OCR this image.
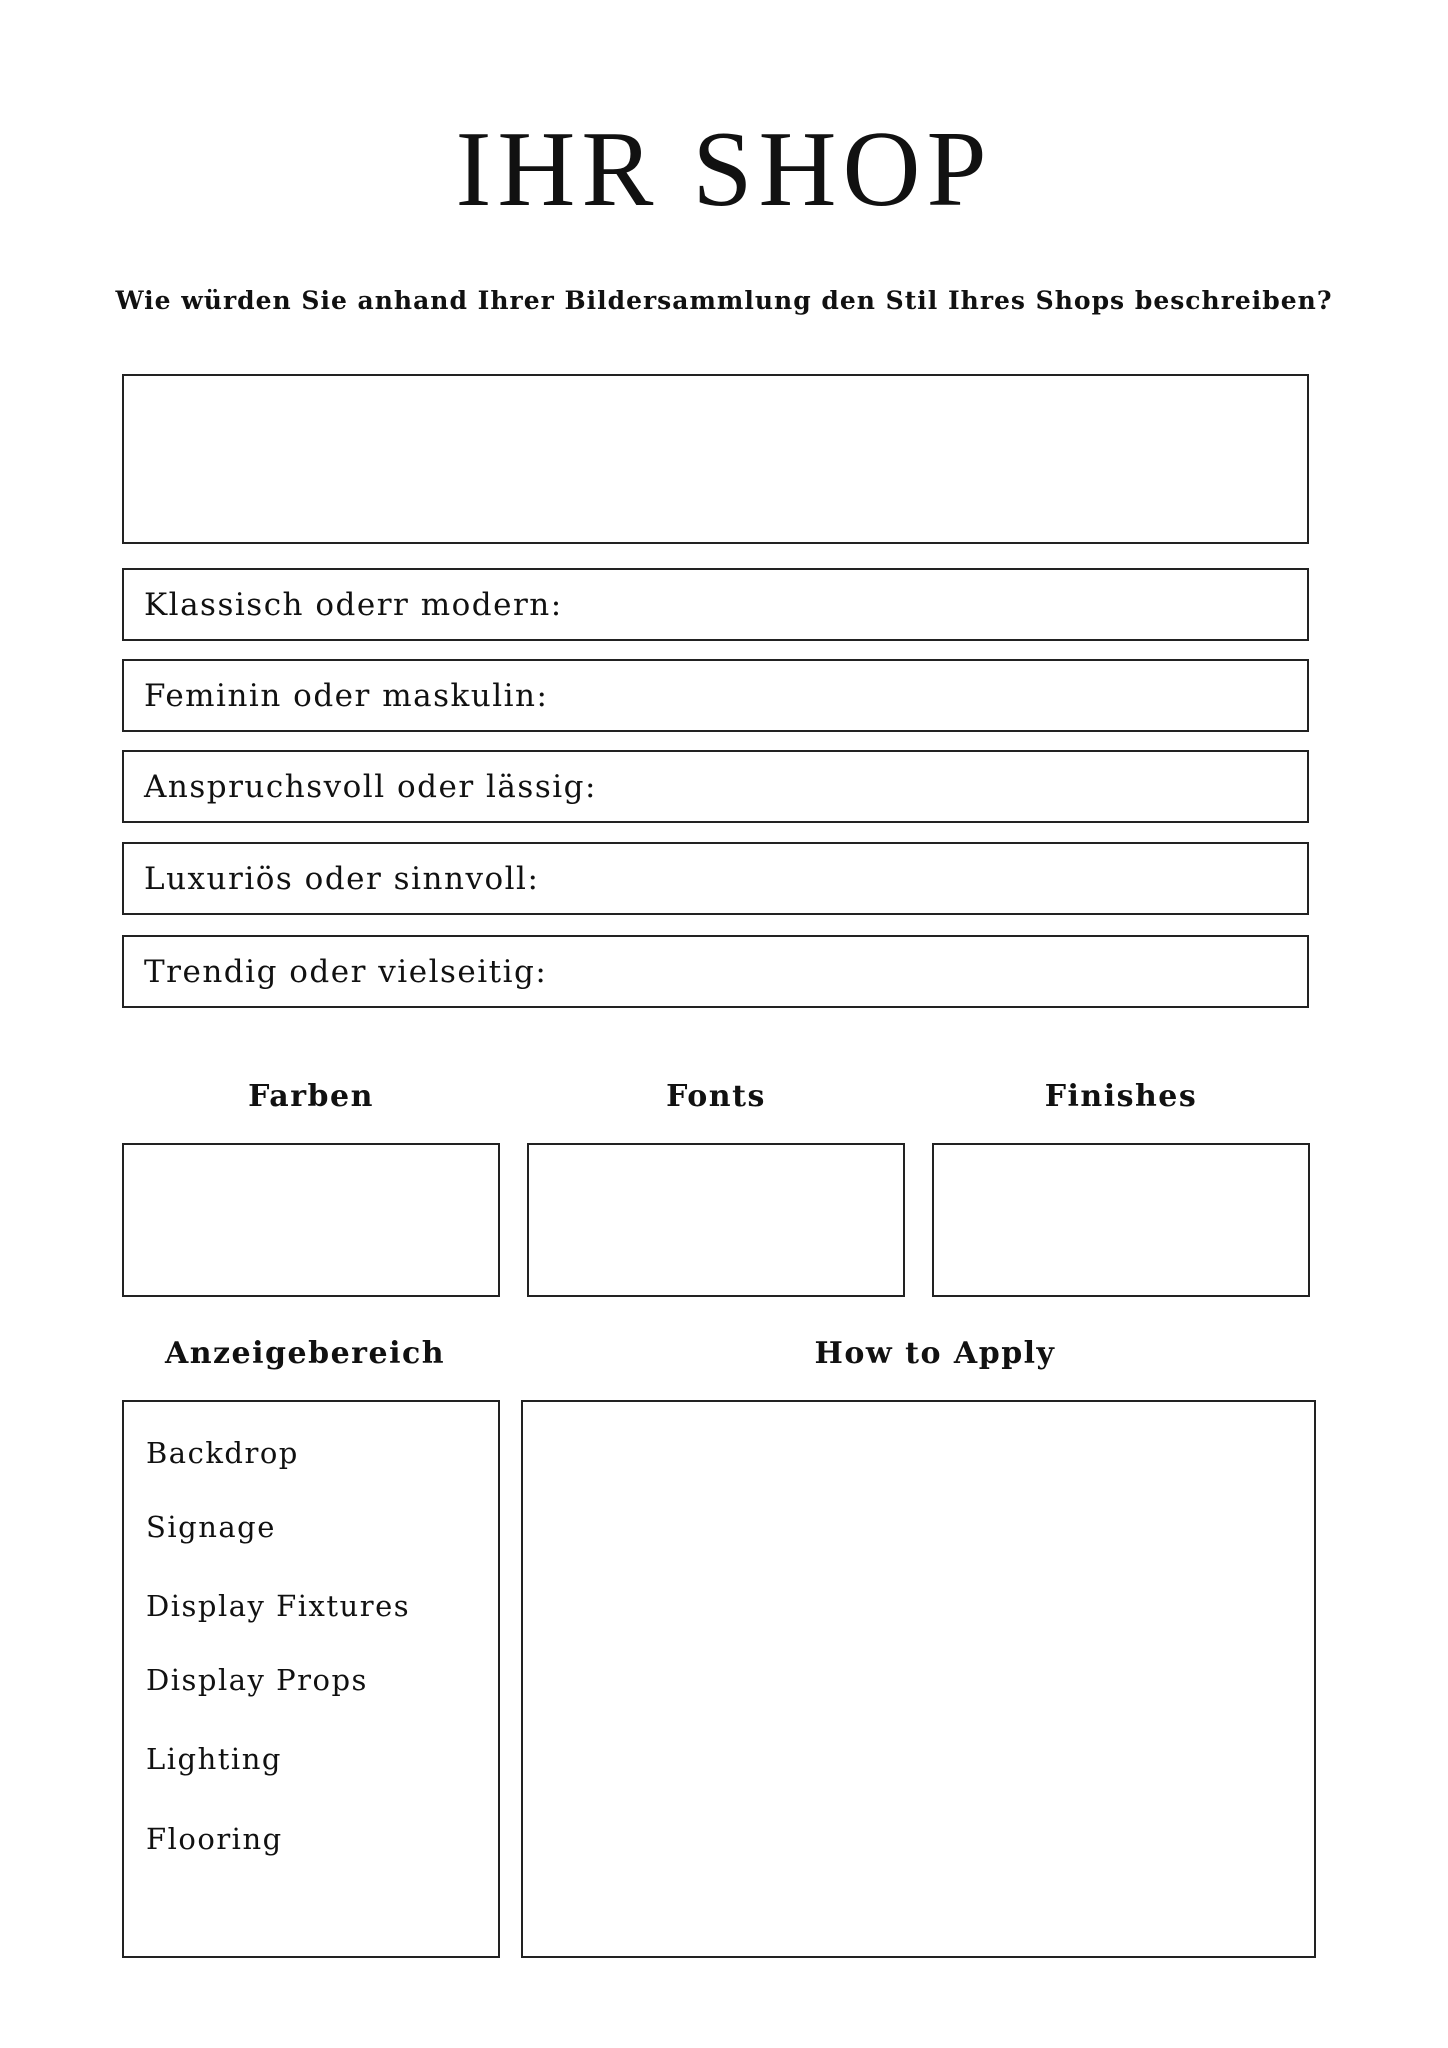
IHR SHOP
Wie würden Sie anhand Ihrer Bildersammlung den Stil Ihres Shops beschreiben?
Klassisch oderr modern:
Feminin oder maskulin:
Anspruchsvoll oder lässig:
Luxuriös oder sinnvoll:
Trendig oder vielseitig:
Farben	Fonts	Finishes
Anzeigebereich	How to Apply
Backdrop
Signage
Display Fixtures
Display Props
Lighting
Flooring
